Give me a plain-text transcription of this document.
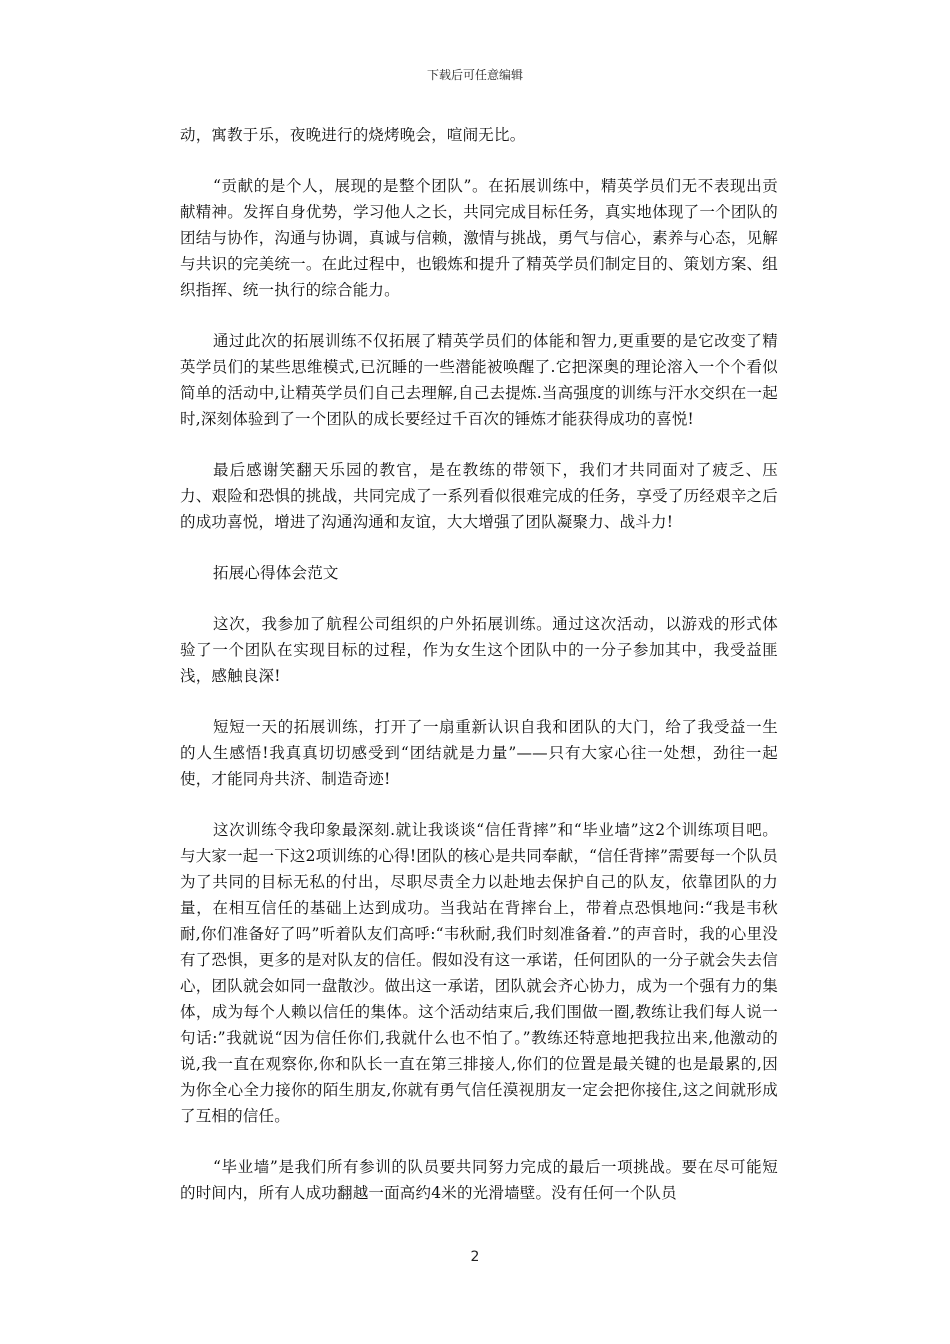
下载后可任意编辑

动，寓教于乐，夜晚进行的烧烤晚会，喧闹无比。

“贡献的是个人，展现的是整个团队”。在拓展训练中，精英学员们无不表现出贡献精神。发挥自身优势，学习他人之长，共同完成目标任务，真实地体现了一个团队的团结与协作，沟通与协调，真诚与信赖，激情与挑战，勇气与信心，素养与心态，见解与共识的完美统一。在此过程中，也锻炼和提升了精英学员们制定目的、策划方案、组织指挥、统一执行的综合能力。

通过此次的拓展训练不仅拓展了精英学员们的体能和智力,更重要的是它改变了精英学员们的某些思维模式,已沉睡的一些潜能被唤醒了.它把深奥的理论溶入一个个看似简单的活动中,让精英学员们自己去理解,自己去提炼.当高强度的训练与汗水交织在一起时,深刻体验到了一个团队的成长要经过千百次的锤炼才能获得成功的喜悦!

最后感谢笑翻天乐园的教官，是在教练的带领下，我们才共同面对了疲乏、压力、艰险和恐惧的挑战，共同完成了一系列看似很难完成的任务，享受了历经艰辛之后的成功喜悦，增进了沟通沟通和友谊，大大增强了团队凝聚力、战斗力!

拓展心得体会范文

这次，我参加了航程公司组织的户外拓展训练。通过这次活动，以游戏的形式体验了一个团队在实现目标的过程，作为女生这个团队中的一分子参加其中，我受益匪浅，感触良深!

短短一天的拓展训练，打开了一扇重新认识自我和团队的大门，给了我受益一生的人生感悟!我真真切切感受到“团结就是力量”——只有大家心往一处想，劲往一起使，才能同舟共济、制造奇迹!

这次训练令我印象最深刻.就让我谈谈“信任背摔”和“毕业墙”这2个训练项目吧。与大家一起一下这2项训练的心得!团队的核心是共同奉献，“信任背摔”需要每一个队员为了共同的目标无私的付出，尽职尽责全力以赴地去保护自己的队友，依靠团队的力量，在相互信任的基础上达到成功。当我站在背摔台上，带着点恐惧地问:“我是韦秋耐,你们准备好了吗”听着队友们高呼:“韦秋耐,我们时刻准备着.”的声音时，我的心里没有了恐惧，更多的是对队友的信任。假如没有这一承诺，任何团队的一分子就会失去信心，团队就会如同一盘散沙。做出这一承诺，团队就会齐心协力，成为一个强有力的集体，成为每个人赖以信任的集体。这个活动结束后,我们围做一圈,教练让我们每人说一句话:”我就说“因为信任你们,我就什么也不怕了。”教练还特意地把我拉出来,他激动的说,我一直在观察你,你和队长一直在第三排接人,你们的位置是最关键的也是最累的,因为你全心全力接你的陌生朋友,你就有勇气信任漠视朋友一定会把你接住,这之间就形成了互相的信任。

“毕业墙”是我们所有参训的队员要共同努力完成的最后一项挑战。要在尽可能短的时间内，所有人成功翻越一面高约4米的光滑墙壁。没有任何一个队员

2
